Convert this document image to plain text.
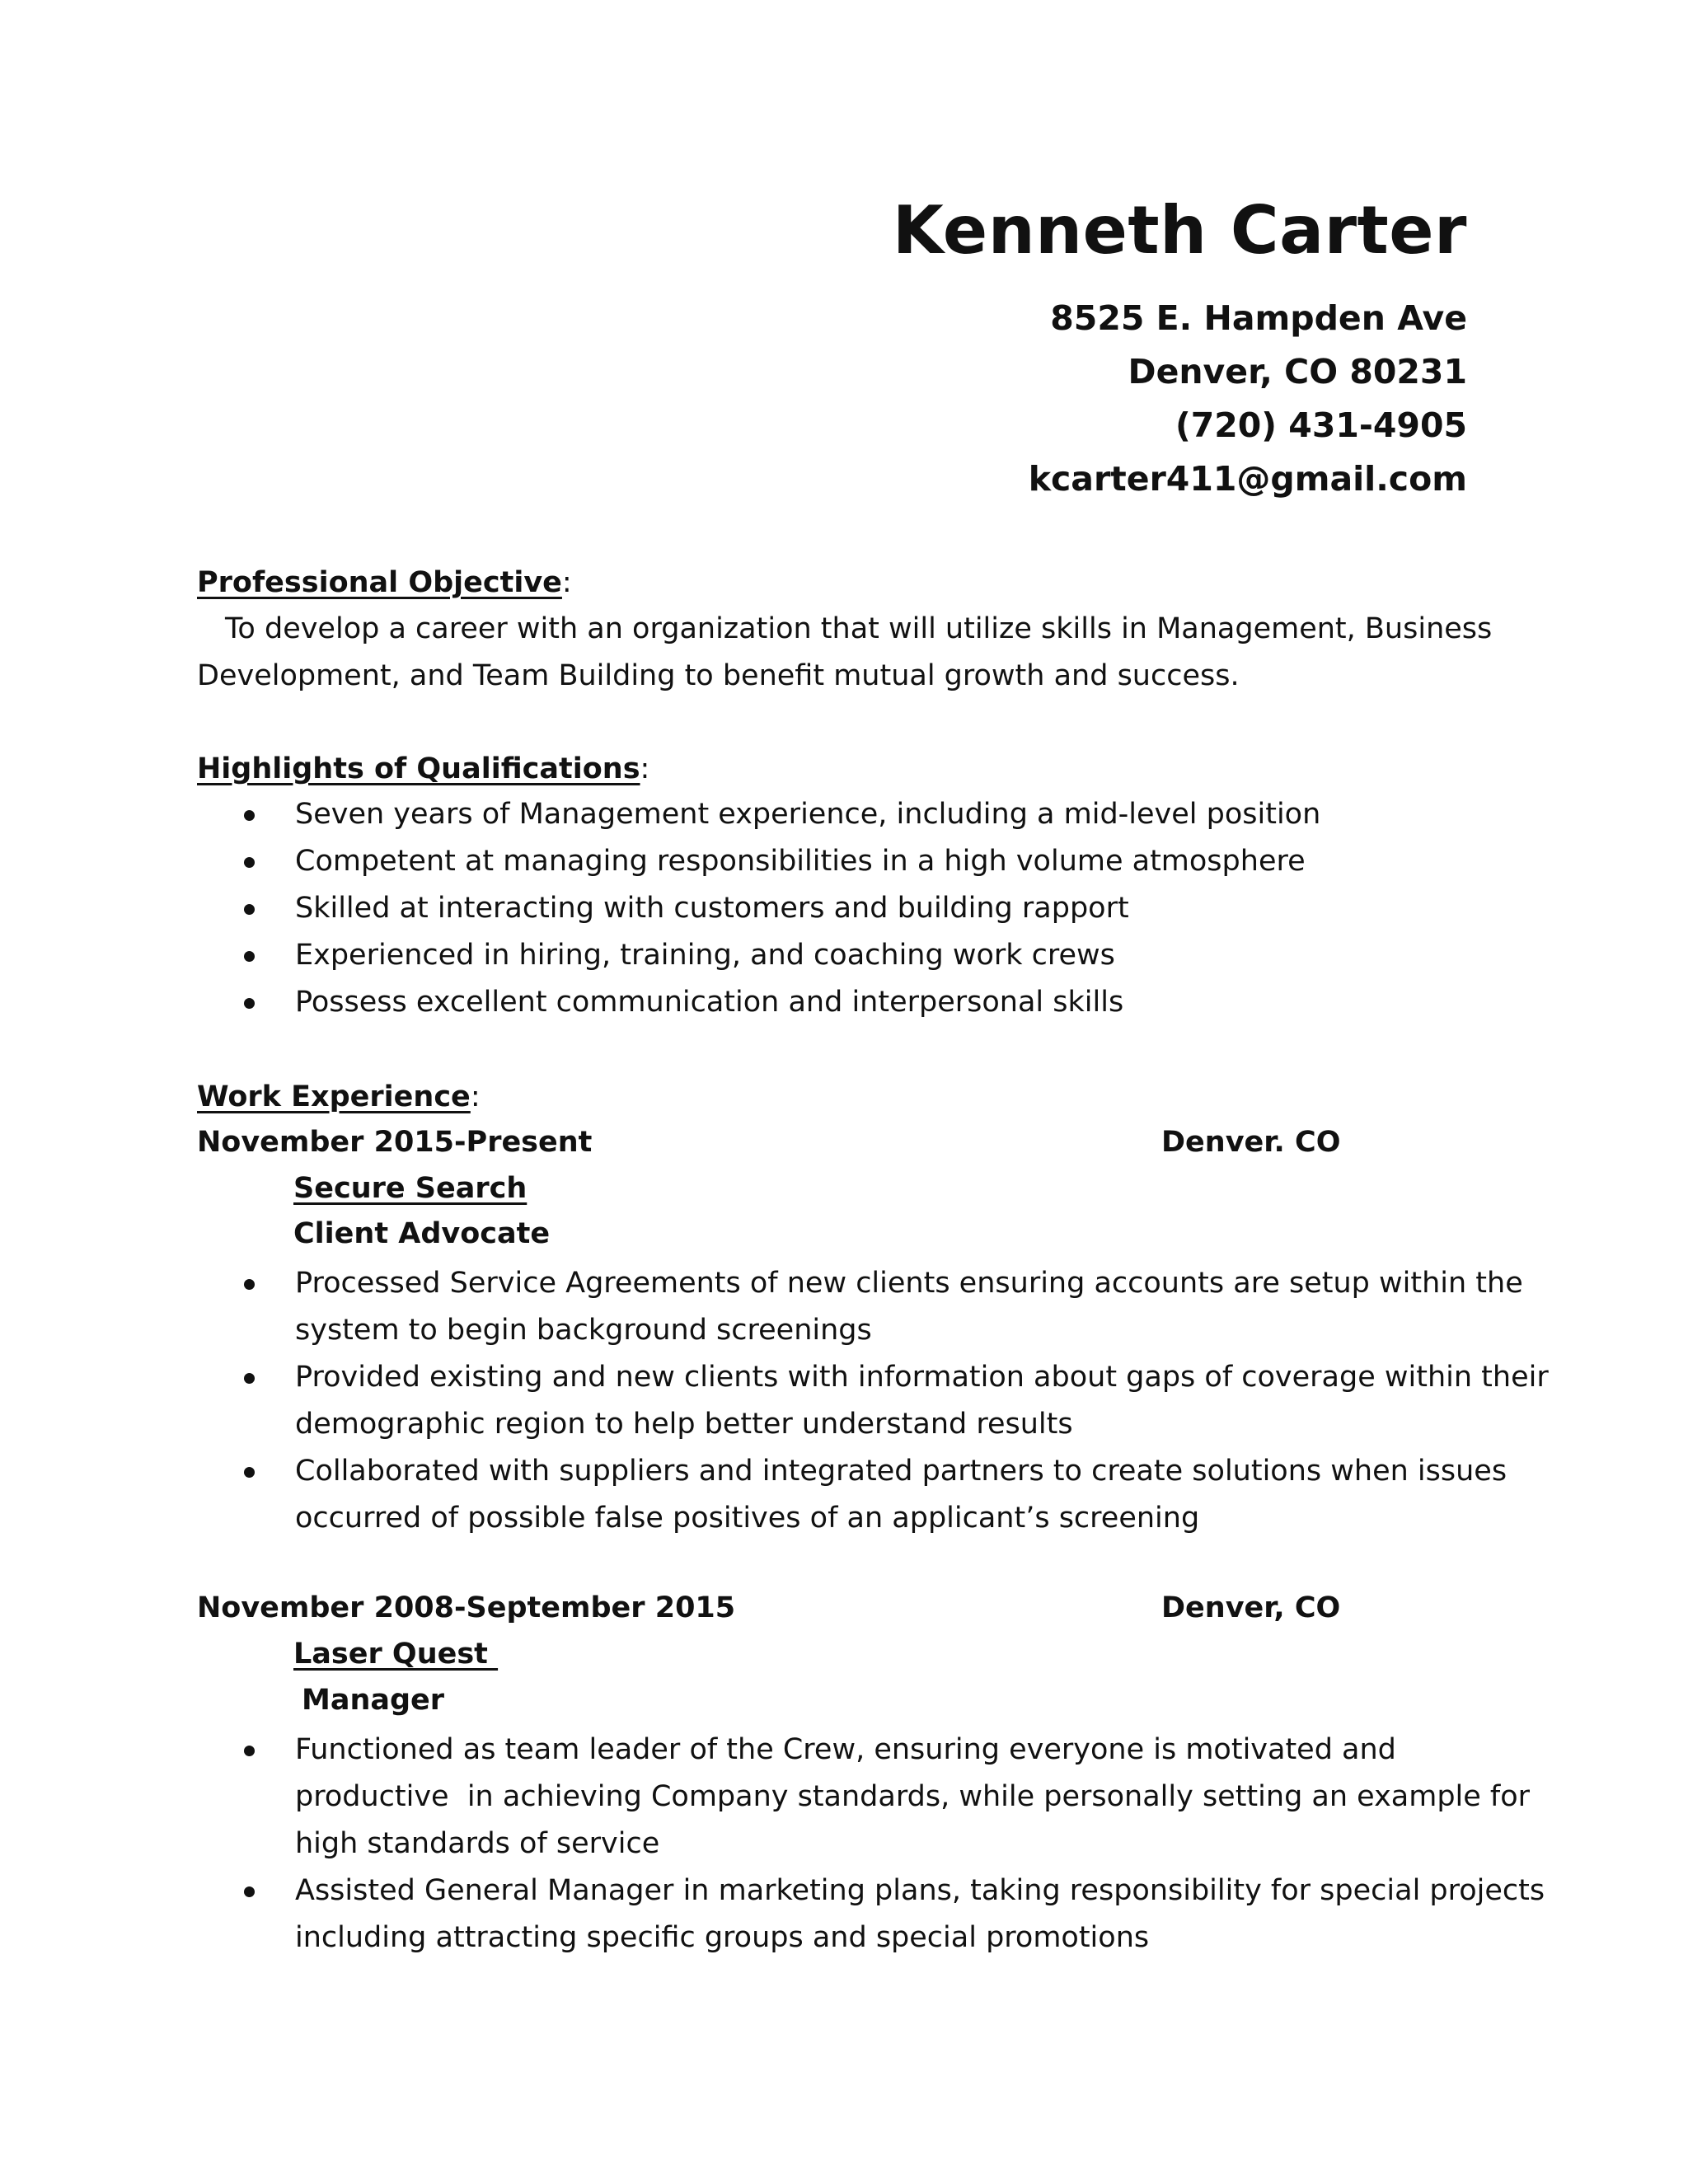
Kenneth Carter
8525 E. Hampden Ave
Denver, CO 80231
(720) 431-4905
kcarter411@gmail.com
Professional Objective:
To develop a career with an organization that will utilize skills in Management, Business
Development, and Team Building to benefit mutual growth and success.
Highlights of Qualifications:
Seven years of Management experience, including a mid-level position
Competent at managing responsibilities in a high volume atmosphere
Skilled at interacting with customers and building rapport
Experienced in hiring, training, and coaching work crews
Possess excellent communication and interpersonal skills
Work Experience:
November 2015-Present	Denver. CO
Secure Search
Client Advocate
Processed Service Agreements of new clients ensuring accounts are setup within the
system to begin background screenings
Provided existing and new clients with information about gaps of coverage within their
demographic region to help better understand results
Collaborated with suppliers and integrated partners to create solutions when issues
occurred of possible false positives of an applicant’s screening
November 2008-September 2015	Denver, CO
Laser Quest
Manager
Functioned as team leader of the Crew, ensuring everyone is motivated and
productive  in achieving Company standards, while personally setting an example for
high standards of service
Assisted General Manager in marketing plans, taking responsibility for special projects
including attracting specific groups and special promotions
